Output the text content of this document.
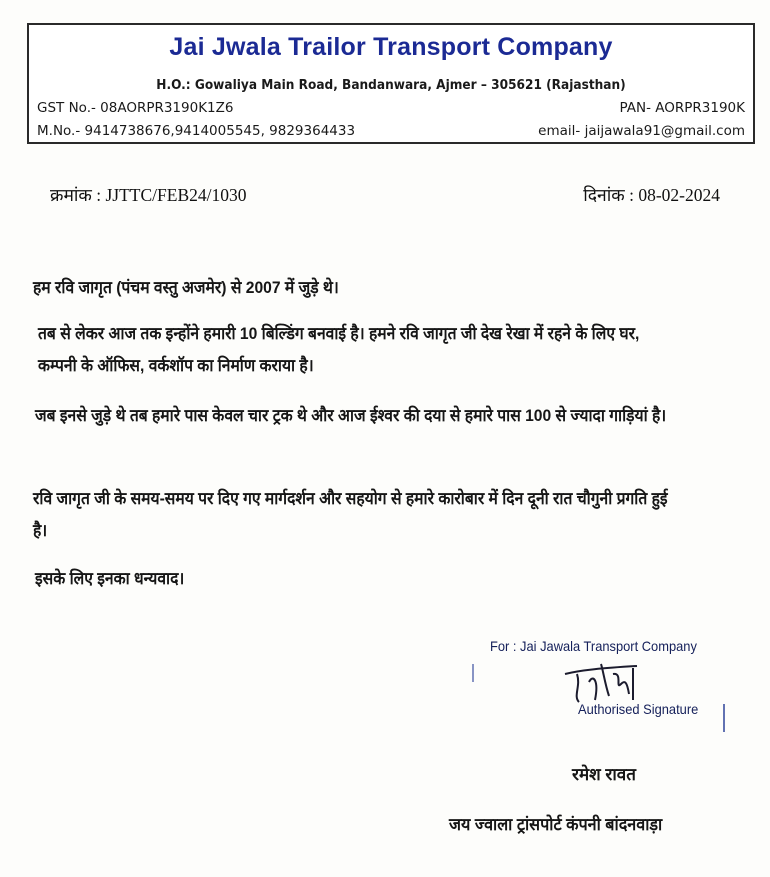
Jai Jwala Trailor Transport Company
H.O.: Gowaliya Main Road, Bandanwara, Ajmer – 305621 (Rajasthan)
GST No.- 08AORPR3190K1Z6	PAN- AORPR3190K
M.No.- 9414738676,9414005545, 9829364433	email- jaijawala91@gmail.com
क्रमांक : JJTTC/FEB24/1030	दिनांक : 08-02-2024
हम रवि जागृत (पंचम वस्तु अजमेर) से 2007 में जुड़े थे।
तब से लेकर आज तक इन्होंने हमारी 10 बिल्डिंग बनवाई है। हमने रवि जागृत जी देख रेखा में रहने के लिए घर, कम्पनी के ऑफिस, वर्कशॉप का निर्माण कराया है।
जब इनसे जुड़े थे तब हमारे पास केवल चार ट्रक थे और आज ईश्वर की दया से हमारे पास 100 से ज्यादा गाड़ियां है।
रवि जागृत जी के समय-समय पर दिए गए मार्गदर्शन और सहयोग से हमारे कारोबार में दिन दूनी रात चौगुनी प्रगति हुई है।
इसके लिए इनका धन्यवाद।
For : Jai Jawala Transport Company
Authorised Signature
रमेश रावत
जय ज्वाला ट्रांसपोर्ट कंपनी बांदनवाड़ा
